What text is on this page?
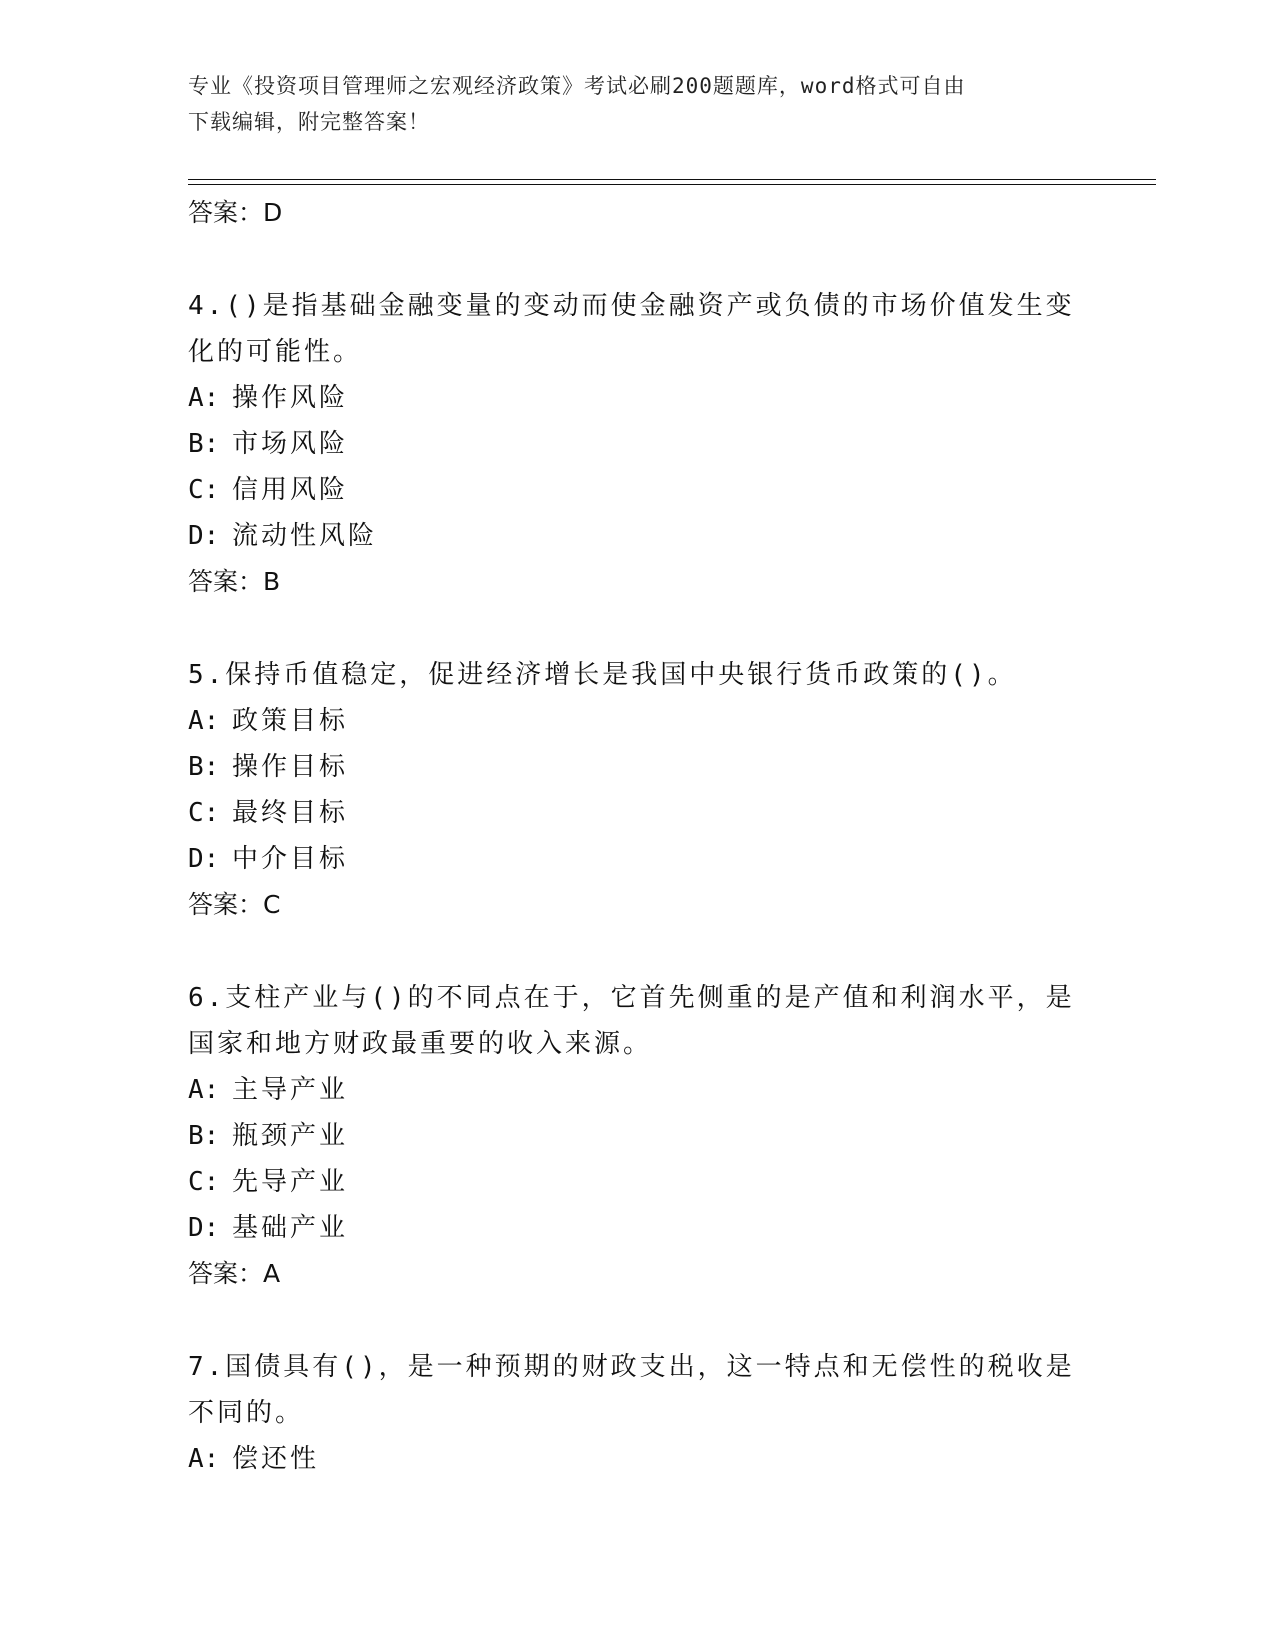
专业《投资项目管理师之宏观经济政策》考试必刷200题题库，word格式可自由
下载编辑，附完整答案！
答案：D
4.()是指基础金融变量的变动而使金融资产或负债的市场价值发生变
化的可能性。
A: 操作风险
B: 市场风险
C: 信用风险
D: 流动性风险
答案：B
5.保持币值稳定，促进经济增长是我国中央银行货币政策的()。
A: 政策目标
B: 操作目标
C: 最终目标
D: 中介目标
答案：C
6.支柱产业与()的不同点在于，它首先侧重的是产值和利润水平，是
国家和地方财政最重要的收入来源。
A: 主导产业
B: 瓶颈产业
C: 先导产业
D: 基础产业
答案：A
7.国债具有()，是一种预期的财政支出，这一特点和无偿性的税收是
不同的。
A: 偿还性
